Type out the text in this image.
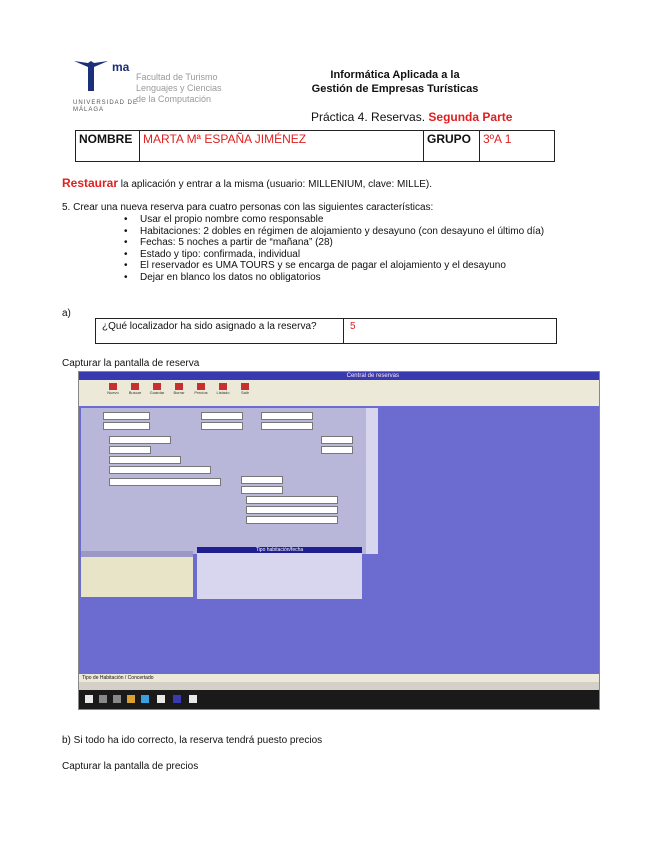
ma
UNIVERSIDAD DE MÁLAGA
Facultad de Turismo
Lenguajes y Ciencias
de la Computación
Informática Aplicada a la
Gestión de Empresas Turísticas
Práctica 4. Reservas. Segunda Parte
NOMBRE	MARTA Mª ESPAÑA JIMÉNEZ	GRUPO	3ºA 1
Restaurar la aplicación y entrar a la misma (usuario: MILLENIUM, clave: MILLE).
5. Crear una nueva reserva para cuatro personas con las siguientes características:
• Usar el propio nombre como responsable
• Habitaciones: 2 dobles en régimen de alojamiento y desayuno (con desayuno el último día)
• Fechas: 5 noches a partir de “mañana” (28)
• Estado y tipo: confirmada, individual
• El reservador es UMA TOURS y se encarga de pagar el alojamiento y el desayuno
• Dejar en blanco los datos no obligatorios
a)
¿Qué localizador ha sido asignado a la reserva?	5
Capturar la pantalla de reserva
Central de reservas
Nuevo	Buscar	Guardar	Borrar	Precios	Listado	Salir
Tipo habitación/fecha
Tipo de Habitación / Concertado
b) Si todo ha ido correcto, la reserva tendrá puesto precios
Capturar la pantalla de precios
